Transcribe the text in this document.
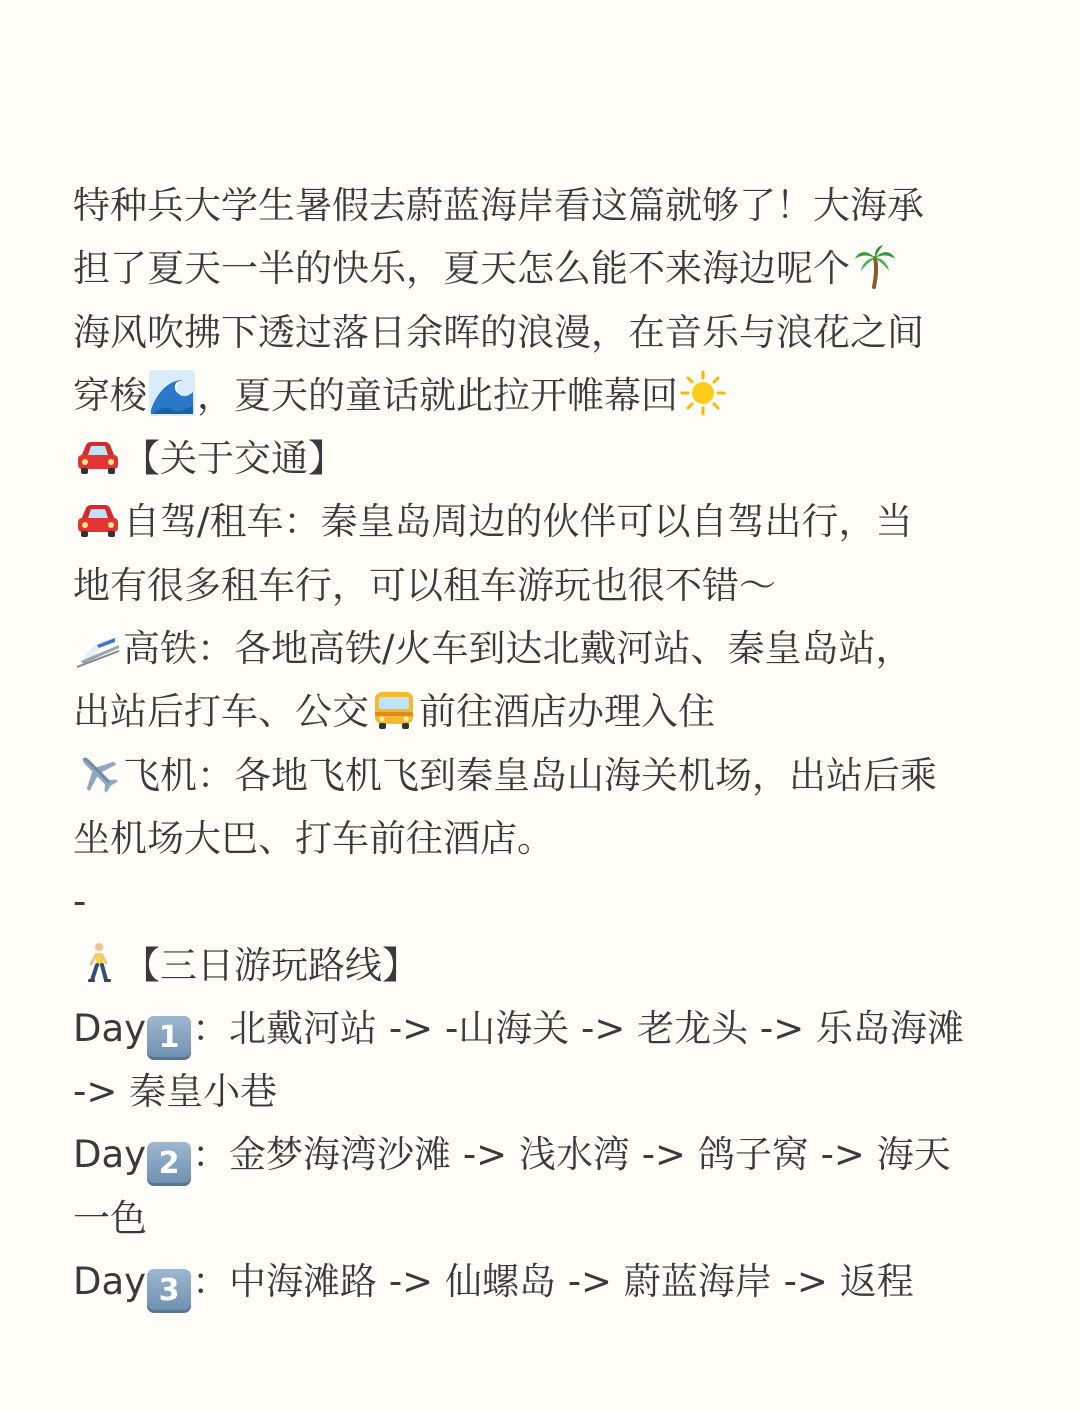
特种兵大学生暑假去蔚蓝海岸看这篇就够了！大海承
担了夏天一半的快乐，夏天怎么能不来海边呢个
海风吹拂下透过落日余晖的浪漫，在音乐与浪花之间
穿梭 ，夏天的童话就此拉开帷幕回
【关于交通】
自驾/租车：秦皇岛周边的伙伴可以自驾出行，当
地有很多租车行，可以租车游玩也很不错～
高铁：各地高铁/火车到达北戴河站、秦皇岛站，
出站后打车、公交 前往酒店办理入住
飞机：各地飞机飞到秦皇岛山海关机场，出站后乘
坐机场大巴、打车前往酒店。
-
【三日游玩路线】
Day 1 ：北戴河站 -> -山海关 -> 老龙头 -> 乐岛海滩
-> 秦皇小巷
Day 2 ：金梦海湾沙滩 -> 浅水湾 -> 鸽子窝 -> 海天
一色
Day 3 ：中海滩路 -> 仙螺岛 -> 蔚蓝海岸 -> 返程
